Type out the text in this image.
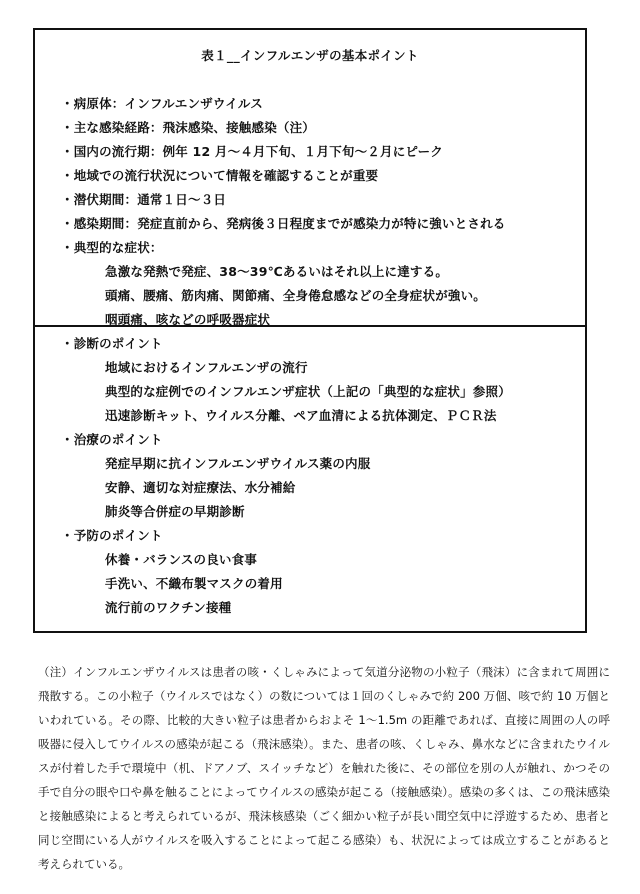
表１__インフルエンザの基本ポイント
・病原体：インフルエンザウイルス
・主な感染経路：飛沫感染、接触感染（注）
・国内の流行期：例年 12 月～４月下旬、１月下旬～２月にピーク
・地域での流行状況について情報を確認することが重要
・潜伏期間：通常１日～３日
・感染期間：発症直前から、発病後３日程度までが感染力が特に強いとされる
・典型的な症状：
急激な発熱で発症、38～39℃あるいはそれ以上に達する。
頭痛、腰痛、筋肉痛、関節痛、全身倦怠感などの全身症状が強い。
咽頭痛、咳などの呼吸器症状
・診断のポイント
地域におけるインフルエンザの流行
典型的な症例でのインフルエンザ症状（上記の「典型的な症状」参照）
迅速診断キット、ウイルス分離、ペア血清による抗体測定、ＰＣＲ法
・治療のポイント
発症早期に抗インフルエンザウイルス薬の内服
安静、適切な対症療法、水分補給
肺炎等合併症の早期診断
・予防のポイント
休養・バランスの良い食事
手洗い、不織布製マスクの着用
流行前のワクチン接種

（注）インフルエンザウイルスは患者の咳・くしゃみによって気道分泌物の小粒子（飛沫）に含まれて周囲に飛散する。この小粒子（ウイルスではなく）の数については１回のくしゃみで約 200 万個、咳で約 10 万個といわれている。その際、比較的大きい粒子は患者からおよそ 1～1.5m の距離であれば、直接に周囲の人の呼吸器に侵入してウイルスの感染が起こる（飛沫感染）。また、患者の咳、くしゃみ、鼻水などに含まれたウイルスが付着した手で環境中（机、ドアノブ、スイッチなど）を触れた後に、その部位を別の人が触れ、かつその手で自分の眼や口や鼻を触ることによってウイルスの感染が起こる（接触感染）。感染の多くは、この飛沫感染と接触感染によると考えられているが、飛沫核感染（ごく細かい粒子が長い間空気中に浮遊するため、患者と同じ空間にいる人がウイルスを吸入することによって起こる感染）も、状況によっては成立することがあると考えられている。
